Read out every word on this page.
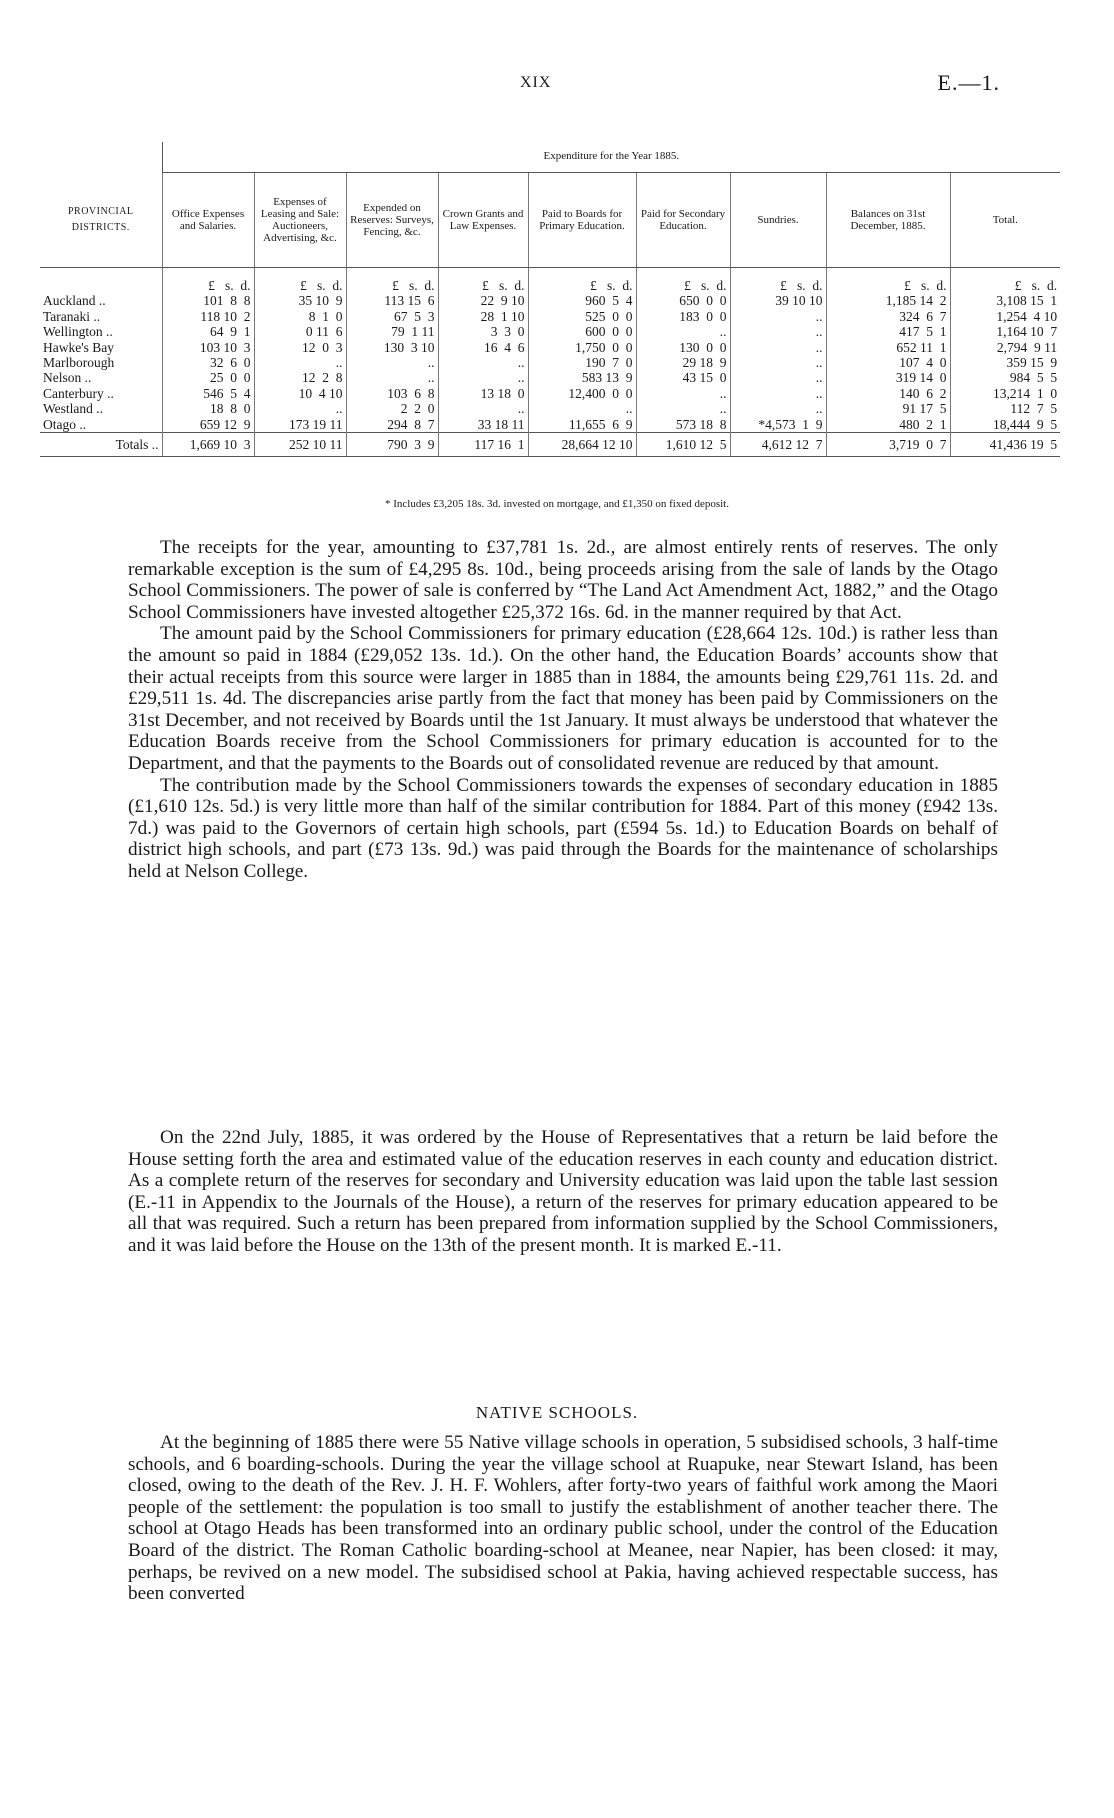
XIX	E.—1.
	Expenditure for the Year 1885.								
PROVINCIAL DISTRICTS.	Office Expenses and Salaries.	Expenses of Leasing and Sale: Auctioneers, Advertising, &c.	Expended on Reserves: Surveys, Fencing, &c.	Crown Grants and Law Expenses.	Paid to Boards for Primary Education.	Paid for Secondary Education.	Sundries.	Balances on 31st December, 1885.	Total.
	£   s.  d.	£   s.  d.	£   s.  d.	£   s.  d.	£   s.  d.	£   s.  d.	£   s.  d.	£   s.  d.	£   s.  d.
Auckland ..	101  8  8	35 10  9	113 15  6	22  9 10	960  5  4	650  0  0	39 10 10	1,185 14  2	3,108 15  1
Taranaki ..	118 10  2	8  1  0	67  5  3	28  1 10	525  0  0	183  0  0	..	324  6  7	1,254  4 10
Wellington ..	64  9  1	0 11  6	79  1 11	3  3  0	600  0  0	..	..	417  5  1	1,164 10  7
Hawke's Bay	103 10  3	12  0  3	130  3 10	16  4  6	1,750  0  0	130  0  0	..	652 11  1	2,794  9 11
Marlborough	32  6  0	..	..	..	190  7  0	29 18  9	..	107  4  0	359 15  9
Nelson ..	25  0  0	12  2  8	..	..	583 13  9	43 15  0	..	319 14  0	984  5  5
Canterbury ..	546  5  4	10  4 10	103  6  8	13 18  0	12,400  0  0	..	..	140  6  2	13,214  1  0
Westland ..	18  8  0	..	2  2  0	..	..	..	..	91 17  5	112  7  5
Otago ..	659 12  9	173 19 11	294  8  7	33 18 11	11,655  6  9	573 18  8	*4,573  1  9	480  2  1	18,444  9  5
Totals ..	1,669 10  3	252 10 11	790  3  9	117 16  1	28,664 12 10	1,610 12  5	4,612 12  7	3,719  0  7	41,436 19  5
* Includes £3,205 18s. 3d. invested on mortgage, and £1,350 on fixed deposit.

The receipts for the year, amounting to £37,781 1s. 2d., are almost entirely rents of reserves. The only remarkable exception is the sum of £4,295 8s. 10d., being proceeds arising from the sale of lands by the Otago School Commissioners. The power of sale is conferred by “The Land Act Amendment Act, 1882,” and the Otago School Commissioners have invested altogether £25,372 16s. 6d. in the manner required by that Act.

The amount paid by the School Commissioners for primary education (£28,664 12s. 10d.) is rather less than the amount so paid in 1884 (£29,052 13s. 1d.). On the other hand, the Education Boards’ accounts show that their actual receipts from this source were larger in 1885 than in 1884, the amounts being £29,761 11s. 2d. and £29,511 1s. 4d. The discrepancies arise partly from the fact that money has been paid by Commissioners on the 31st December, and not received by Boards until the 1st January. It must always be understood that whatever the Education Boards receive from the School Commissioners for primary education is accounted for to the Department, and that the payments to the Boards out of consolidated revenue are reduced by that amount.

The contribution made by the School Commissioners towards the expenses of secondary education in 1885 (£1,610 12s. 5d.) is very little more than half of the similar contribution for 1884. Part of this money (£942 13s. 7d.) was paid to the Governors of certain high schools, part (£594 5s. 1d.) to Education Boards on behalf of district high schools, and part (£73 13s. 9d.) was paid through the Boards for the maintenance of scholarships held at Nelson College.

On the 22nd July, 1885, it was ordered by the House of Representatives that a return be laid before the House setting forth the area and estimated value of the education reserves in each county and education district. As a complete return of the reserves for secondary and University education was laid upon the table last session (E.-11 in Appendix to the Journals of the House), a return of the reserves for primary education appeared to be all that was required. Such a return has been prepared from information supplied by the School Commissioners, and it was laid before the House on the 13th of the present month. It is marked E.-11.

NATIVE SCHOOLS.

At the beginning of 1885 there were 55 Native village schools in operation, 5 subsidised schools, 3 half-time schools, and 6 boarding-schools. During the year the village school at Ruapuke, near Stewart Island, has been closed, owing to the death of the Rev. J. H. F. Wohlers, after forty-two years of faithful work among the Maori people of the settlement: the population is too small to justify the establishment of another teacher there. The school at Otago Heads has been transformed into an ordinary public school, under the control of the Education Board of the district. The Roman Catholic boarding-school at Meanee, near Napier, has been closed: it may, perhaps, be revived on a new model. The subsidised school at Pakia, having achieved respectable success, has been converted
